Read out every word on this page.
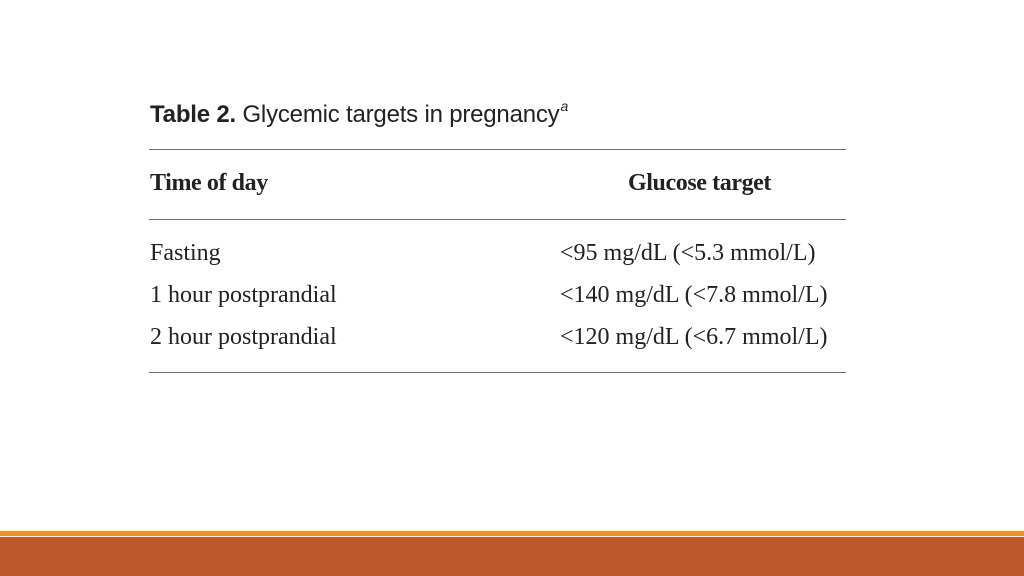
Table 2. Glycemic targets in pregnancy$^a$
Time of day	Glucose target
Fasting	<95 mg/dL (<5.3 mmol/L)
1 hour postprandial	<140 mg/dL (<7.8 mmol/L)
2 hour postprandial	<120 mg/dL (<6.7 mmol/L)
